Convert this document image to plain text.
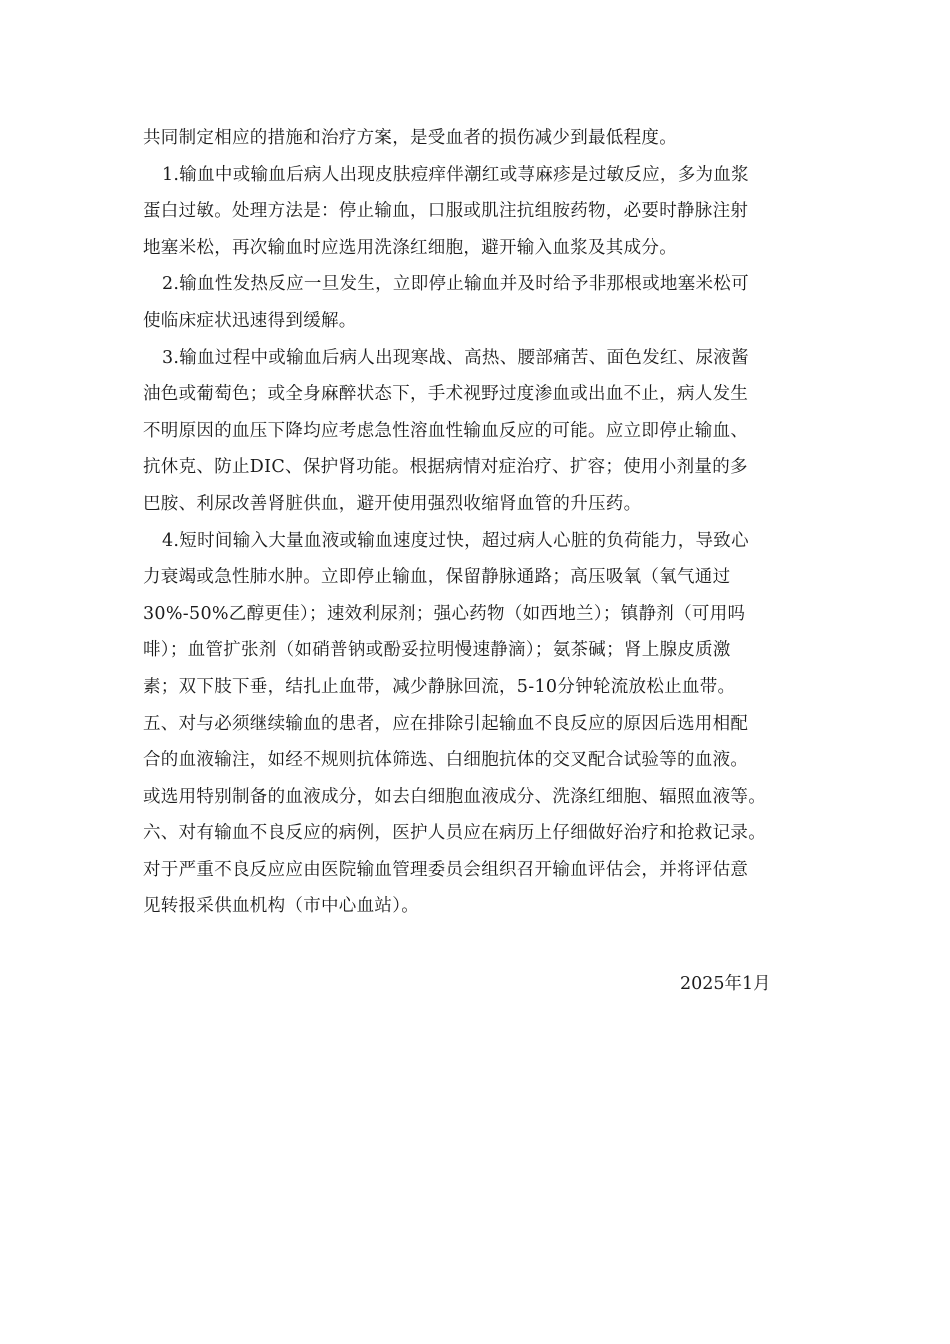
共同制定相应的措施和治疗方案，是受血者的损伤减少到最低程度。
1.输血中或输血后病人出现皮肤痘痒伴潮红或荨麻疹是过敏反应，多为血浆
蛋白过敏。处理方法是：停止输血，口服或肌注抗组胺药物，必要时静脉注射
地塞米松，再次输血时应选用洗涤红细胞，避开输入血浆及其成分。
2.输血性发热反应一旦发生，立即停止输血并及时给予非那根或地塞米松可
使临床症状迅速得到缓解。
3.输血过程中或输血后病人出现寒战、高热、腰部痛苦、面色发红、尿液酱
油色或葡萄色；或全身麻醉状态下，手术视野过度渗血或出血不止，病人发生
不明原因的血压下降均应考虑急性溶血性输血反应的可能。应立即停止输血、
抗休克、防止DIC、保护肾功能。根据病情对症治疗、扩容；使用小剂量的多
巴胺、利尿改善肾脏供血，避开使用强烈收缩肾血管的升压药。
4.短时间输入大量血液或输血速度过快，超过病人心脏的负荷能力，导致心
力衰竭或急性肺水肿。立即停止输血，保留静脉通路；高压吸氧（氧气通过
30%-50%乙醇更佳）；速效利尿剂；强心药物（如西地兰）；镇静剂（可用吗
啡）；血管扩张剂（如硝普钠或酚妥拉明慢速静滴）；氨茶碱；肾上腺皮质激
素；双下肢下垂，结扎止血带，减少静脉回流，5-10分钟轮流放松止血带。
五、对与必须继续输血的患者，应在排除引起输血不良反应的原因后选用相配
合的血液输注，如经不规则抗体筛选、白细胞抗体的交叉配合试验等的血液。
或选用特别制备的血液成分，如去白细胞血液成分、洗涤红细胞、辐照血液等。
六、对有输血不良反应的病例，医护人员应在病历上仔细做好治疗和抢救记录。
对于严重不良反应应由医院输血管理委员会组织召开输血评估会，并将评估意
见转报采供血机构（市中心血站）。
2025年1月
